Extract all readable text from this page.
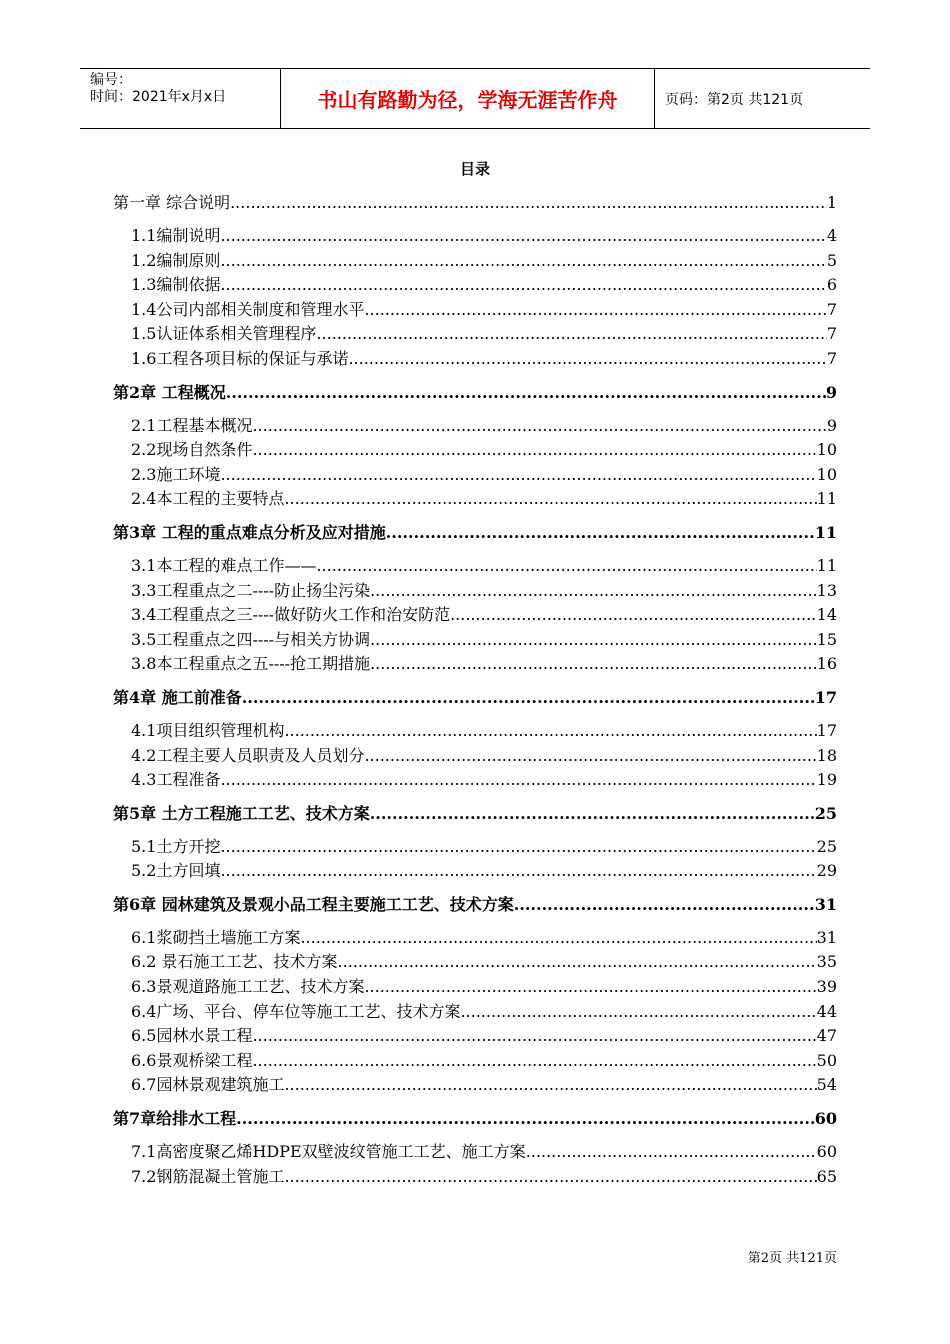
编号：
时间：2021年x月x日	书山有路勤为径，学海无涯苦作舟	页码：第2页 共121页
目录
第一章 综合说明 .....	1
1.1编制说明 .....	4
1.2编制原则 .....	5
1.3编制依据 .....	6
1.4公司内部相关制度和管理水平 .....	7
1.5认证体系相关管理程序 .....	7
1.6工程各项目标的保证与承诺 .....	7
第2章 工程概况 .....	9
2.1工程基本概况 .....	9
2.2现场自然条件 .....	10
2.3施工环境 .....	10
2.4本工程的主要特点 .....	11
第3章 工程的重点难点分析及应对措施 .....	11
3.1本工程的难点工作—— .....	11
3.3工程重点之二----防止扬尘污染 .....	13
3.4工程重点之三----做好防火工作和治安防范 .....	14
3.5工程重点之四----与相关方协调 .....	15
3.8本工程重点之五----抢工期措施 .....	16
第4章 施工前准备 .....	17
4.1项目组织管理机构 .....	17
4.2工程主要人员职责及人员划分 .....	18
4.3工程准备 .....	19
第5章 土方工程施工工艺、技术方案 .....	25
5.1土方开挖 .....	25
5.2土方回填 .....	29
第6章 园林建筑及景观小品工程主要施工工艺、技术方案 .....	31
6.1浆砌挡土墙施工方案 .....	31
6.2 景石施工工艺、技术方案 .....	35
6.3景观道路施工工艺、技术方案 .....	39
6.4广场、平台、停车位等施工工艺、技术方案 .....	44
6.5园林水景工程 .....	47
6.6景观桥梁工程 .....	50
6.7园林景观建筑施工 .....	54
第7章给排水工程 .....	60
7.1高密度聚乙烯HDPE双壁波纹管施工工艺、施工方案 .....	60
7.2钢筋混凝土管施工 .....	65
第2页 共121页
